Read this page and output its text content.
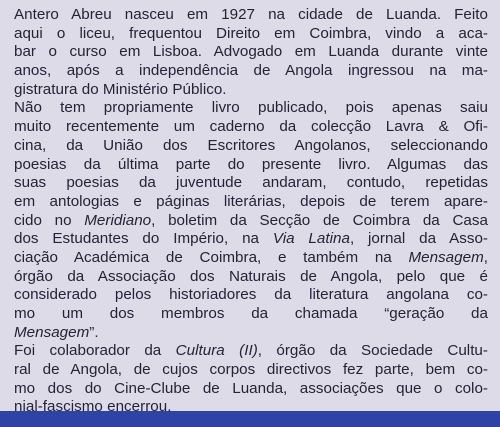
Antero Abreu nasceu em 1927 na cidade de Luanda. Feito
aqui o liceu, frequentou Direito em Coimbra, vindo a aca-
bar o curso em Lisboa. Advogado em Luanda durante vinte
anos, após a independência de Angola ingressou na ma-
gistratura do Ministério Público.
Não tem propriamente livro publicado, pois apenas saiu
muito recentemente um caderno da colecção Lavra & Ofi-
cina, da União dos Escritores Angolanos, seleccionando
poesias da última parte do presente livro. Algumas das
suas poesias da juventude andaram, contudo, repetidas
em antologias e páginas literárias, depois de terem apare-
cido no Meridiano, boletim da Secção de Coimbra da Casa
dos Estudantes do Império, na Via Latina, jornal da Asso-
ciação Académica de Coimbra, e também na Mensagem,
órgão da Associação dos Naturais de Angola, pelo que é
considerado pelos historiadores da literatura angolana co-
mo um dos membros da chamada “geração da
Mensagem”.
Foi colaborador da Cultura (II), órgão da Sociedade Cultu-
ral de Angola, de cujos corpos directivos fez parte, bem co-
mo dos do Cine-Clube de Luanda, associações que o colo-
nial-fascismo encerrou.
